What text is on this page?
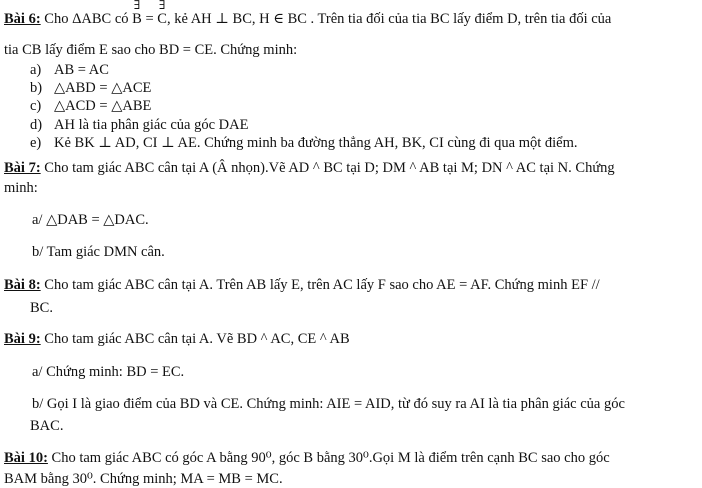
Bài 6: Cho ΔABC có
∃
B =
∃
C, kẻ AH ⊥ BC, H ∈ BC . Trên tia đối của tia BC lấy điểm D, trên tia đối của
tia CB lấy điểm E sao cho BD = CE. Chứng minh:
a) AB = AC
b) △ABD = △ACE
c) △ACD = △ABE
d) AH là tia phân giác của góc DAE
e) Kẻ BK ⊥ AD, CI ⊥ AE. Chứng minh ba đường thẳng AH, BK, CI cùng đi qua một điểm.
Bài 7: Cho tam giác ABC cân tại A (Â nhọn).Vẽ AD ^ BC tại D; DM ^ AB tại M; DN ^ AC tại N. Chứng
minh:
a/ △DAB = △DAC.
b/ Tam giác DMN cân.
Bài 8: Cho tam giác ABC cân tại A. Trên AB lấy E, trên AC lấy F sao cho AE = AF. Chứng minh EF //
BC.
Bài 9: Cho tam giác ABC cân tại A. Vẽ BD ^ AC, CE ^ AB
a/ Chứng minh: BD = EC.
b/ Gọi I là giao điểm của BD và CE. Chứng minh: AIE = AID, từ đó suy ra AI là tia phân giác của góc
BAC.
Bài 10: Cho tam giác ABC có góc A bằng 90⁰, góc B bằng 30⁰.Gọi M là điểm trên cạnh BC sao cho góc
BAM bằng 30⁰. Chứng minh; MA = MB = MC.
